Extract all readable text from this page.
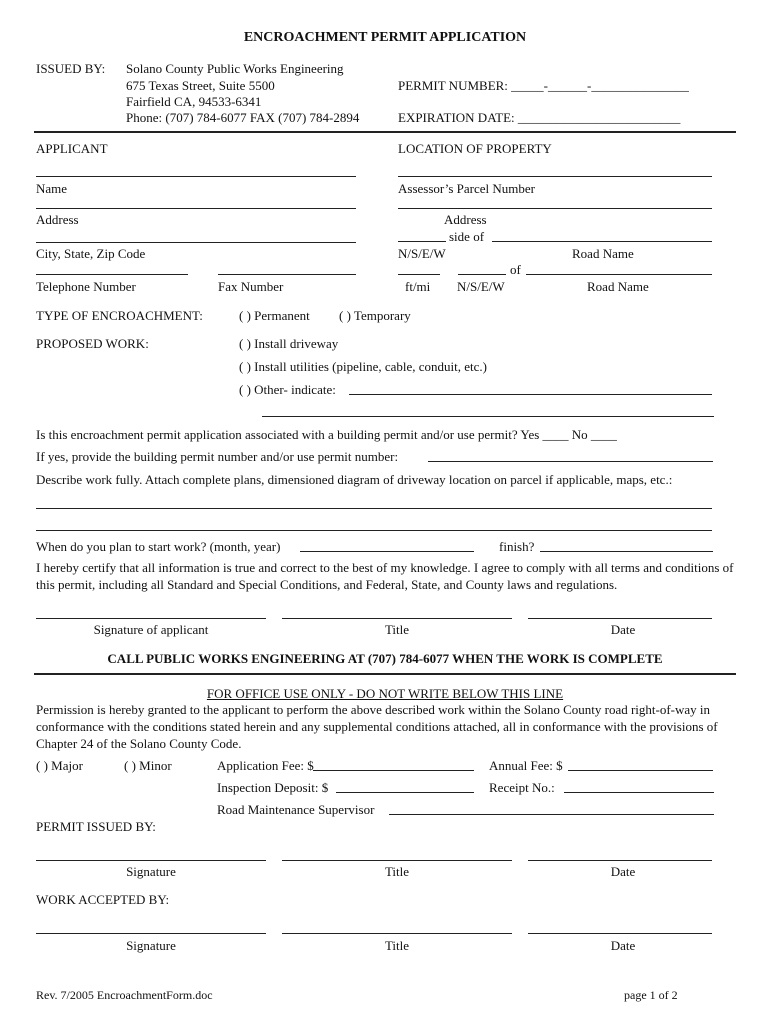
ENCROACHMENT PERMIT APPLICATION
ISSUED BY: Solano County Public Works Engineering
675 Texas Street, Suite 5500
Fairfield CA, 94533-6341
Phone: (707) 784-6077 FAX (707) 784-2894
PERMIT NUMBER: _____-______-_______________
EXPIRATION DATE: _________________________
APPLICANT
Name
Address
City, State, Zip Code
Telephone Number	Fax Number
LOCATION OF PROPERTY
Assessor’s Parcel Number
Address
side of
N/S/E/W	Road Name
of
ft/mi N/S/E/W	Road Name
TYPE OF ENCROACHMENT:	( ) Permanent ( ) Temporary
PROPOSED WORK:	( ) Install driveway
( ) Install utilities (pipeline, cable, conduit, etc.)
( ) Other- indicate:
Is this encroachment permit application associated with a building permit and/or use permit? Yes ____ No ____
If yes, provide the building permit number and/or use permit number:
Describe work fully. Attach complete plans, dimensioned diagram of driveway location on parcel if applicable, maps, etc.:
When do you plan to start work? (month, year)	finish?
I hereby certify that all information is true and correct to the best of my knowledge. I agree to comply with all terms and conditions of this permit, including all Standard and Special Conditions, and Federal, State, and County laws and regulations.
Signature of applicant	Title	Date
CALL PUBLIC WORKS ENGINEERING AT (707) 784-6077 WHEN THE WORK IS COMPLETE
FOR OFFICE USE ONLY - DO NOT WRITE BELOW THIS LINE
Permission is hereby granted to the applicant to perform the above described work within the Solano County road right-of-way in conformance with the conditions stated herein and any supplemental conditions attached, all in conformance with the provisions of Chapter 24 of the Solano County Code.
( ) Major	( ) Minor	Application Fee: $	Annual Fee: $
Inspection Deposit: $	Receipt No.:
Road Maintenance Supervisor
PERMIT ISSUED BY:
Signature	Title	Date
WORK ACCEPTED BY:
Signature	Title	Date
Rev. 7/2005 EncroachmentForm.doc	page 1 of 2
